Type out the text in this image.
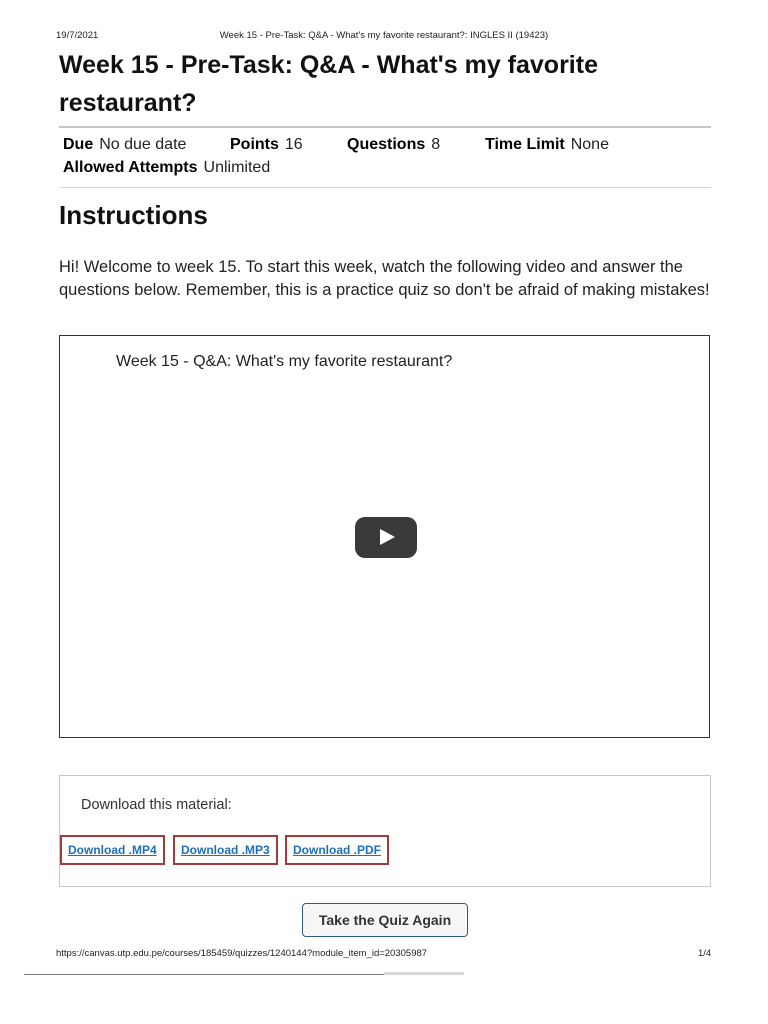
19/7/2021	Week 15 - Pre-Task: Q&A - What's my favorite restaurant?: INGLES II (19423)
Week 15 - Pre-Task: Q&A - What's my favorite restaurant?
Due No due date	Points 16	Questions 8	Time Limit None
Allowed Attempts Unlimited
Instructions

Hi! Welcome to week 15. To start this week, watch the following video and answer the questions below. Remember, this is a practice quiz so don't be afraid of making mistakes!

Week 15 - Q&A: What's my favorite restaurant?
Download this material:
Download .MP4	Download .MP3	Download .PDF
Take the Quiz Again
https://canvas.utp.edu.pe/courses/185459/quizzes/1240144?module_item_id=20305987	1/4
